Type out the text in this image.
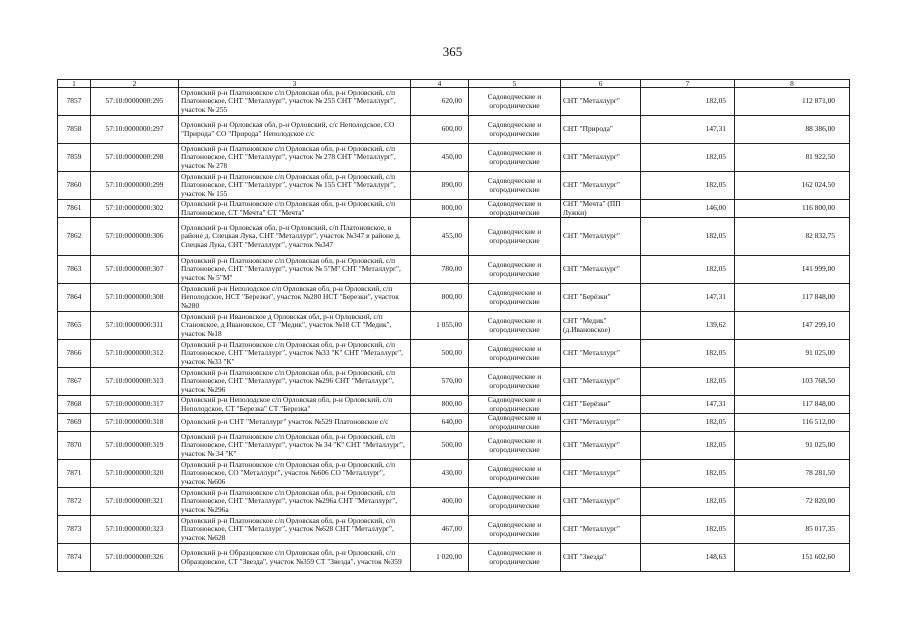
365
1	2	3	4	5	6	7	8
7857	57:10:0000000:295	Орловский р-н Платоновское с/п Орловская обл, р-н Орловский, с/п Платоновское, СНТ "Металлург", участок № 255 СНТ "Металлург", участок № 255	620,00	Садоводческие и огороднические	СНТ "Металлург"	182,05	112 871,00
7858	57:10:0000000:297	Орловский р-н Орловская обл, р-н Орловский, с/с Неполодское, СО "Природа" СО "Природа" Неполодское с/с	600,00	Садоводческие и огороднические	СНТ "Природа"	147,31	88 386,00
7859	57:10:0000000:298	Орловский р-н Платоновское с/п Орловская обл, р-н Орловский, с/п Платоновское, СНТ "Металлург", участок № 278 СНТ "Металлург", участок № 278	450,00	Садоводческие и огороднические	СНТ "Металлург"	182,05	81 922,50
7860	57:10:0000000:299	Орловский р-н Платоновское с/п Орловская обл, р-н Орловский, с/п Платоновское, СНТ "Металлург", участок № 155 СНТ "Металлург", участок № 155	890,00	Садоводческие и огороднические	СНТ "Металлург"	182,05	162 024,50
7861	57:10:0000000:302	Орловский р-н Платоновское с/п Орловская обл, р-н Орловский, с/п Платоновское, СТ "Мечта" СТ "Мечта"	800,00	Садоводческие и огороднические	СНТ "Мечта" (ПП Лужки)	146,00	116 800,00
7862	57:10:0000000:306	Орловский р-н Орловская обл, р-н Орловский, с/п Платоновское, в районе д. Спецкая Лука, СНТ "Металлург", участок №347 в районе д. Спецкая Лука, СНТ "Металлург", участок №347	455,00	Садоводческие и огороднические	СНТ "Металлург"	182,05	82 832,75
7863	57:10:0000000:307	Орловский р-н Платоновское с/п Орловская обл, р-н Орловский, с/п Платоновское, СНТ "Металлург", участок № 5"М" СНТ "Металлург", участок № 5"М"	780,00	Садоводческие и огороднические	СНТ "Металлург"	182,05	141 999,00
7864	57:10:0000000:308	Орловский р-н Неполодское с/п Орловская обл, р-н Орловский, с/п Неполодское, НСТ "Березки", участок №280 НСТ "Березки", участок №280	800,00	Садоводческие и огороднические	СНТ "Берёзки"	147,31	117 848,00
7865	57:10:0000000:311	Орловский р-н Ивановское д Орловская обл, р-н Орловский, с/п Становское, д Ивановское, СТ "Медик", участок №18 СТ "Медик", участок №18	1 055,00	Садоводческие и огороднические	СНТ "Медик" (д.Ивановское)	139,62	147 299,10
7866	57:10:0000000:312	Орловский р-н Платоновское с/п Орловская обл, р-н Орловский, с/п Платоновское, СНТ "Металлург", участок №33 "К" СНТ "Металлург", участок №33 "К"	500,00	Садоводческие и огороднические	СНТ "Металлург"	182,05	91 025,00
7867	57:10:0000000:313	Орловский р-н Платоновское с/п Орловская обл, р-н Орловский, с/п Платоновское, СНТ "Металлург", участок №296 СНТ "Металлург", участок №296	570,00	Садоводческие и огороднические	СНТ "Металлург"	182,05	103 768,50
7868	57:10:0000000:317	Орловский р-н Неполодское с/п Орловская обл, р-н Орловский, с/п Неполодское, СТ "Березка" СТ "Березка"	800,00	Садоводческие и огороднические	СНТ "Берёзки"	147,31	117 848,00
7869	57:10:0000000:318	Орловский р-н СНТ "Металлург" участок №529 Платоновское с/с	640,00	Садоводческие и огороднические	СНТ "Металлург"	182,05	116 512,00
7870	57:10:0000000:319	Орловский р-н Платоновское с/п Орловская обл, р-н Орловский, с/п Платоновское, СНТ "Металлург", участок № 34 "К" СНТ "Металлург", участок № 34 "К"	500,00	Садоводческие и огороднические	СНТ "Металлург"	182,05	91 025,00
7871	57:10:0000000:320	Орловский р-н Платоновское с/п Орловская обл, р-н Орловский, с/п Платоновское, СО "Металлург", участок №606 СО "Металлург", участок №606	430,00	Садоводческие и огороднические	СНТ "Металлург"	182,05	78 281,50
7872	57:10:0000000:321	Орловский р-н Платоновское с/п Орловская обл, р-н Орловский, с/п Платоновское, СНТ "Металлург", участок №296а СНТ "Металлург", участок №296а	400,00	Садоводческие и огороднические	СНТ "Металлург"	182,05	72 820,00
7873	57:10:0000000:323	Орловский р-н Платоновское с/п Орловская обл, р-н Орловский, с/п Платоновское, СНТ "Металлург", участок №628 СНТ "Металлург", участок №628	467,00	Садоводческие и огороднические	СНТ "Металлург"	182,05	85 017,35
7874	57:10:0000000:326	Орловский р-н Образцовское с/п Орловская обл, р-н Орловский, с/п Образцовское, СТ "Звезда", участок №359 СТ "Звезда", участок №359	1 020,00	Садоводческие и огороднические	СНТ "Звезда"	148,63	151 602,60
